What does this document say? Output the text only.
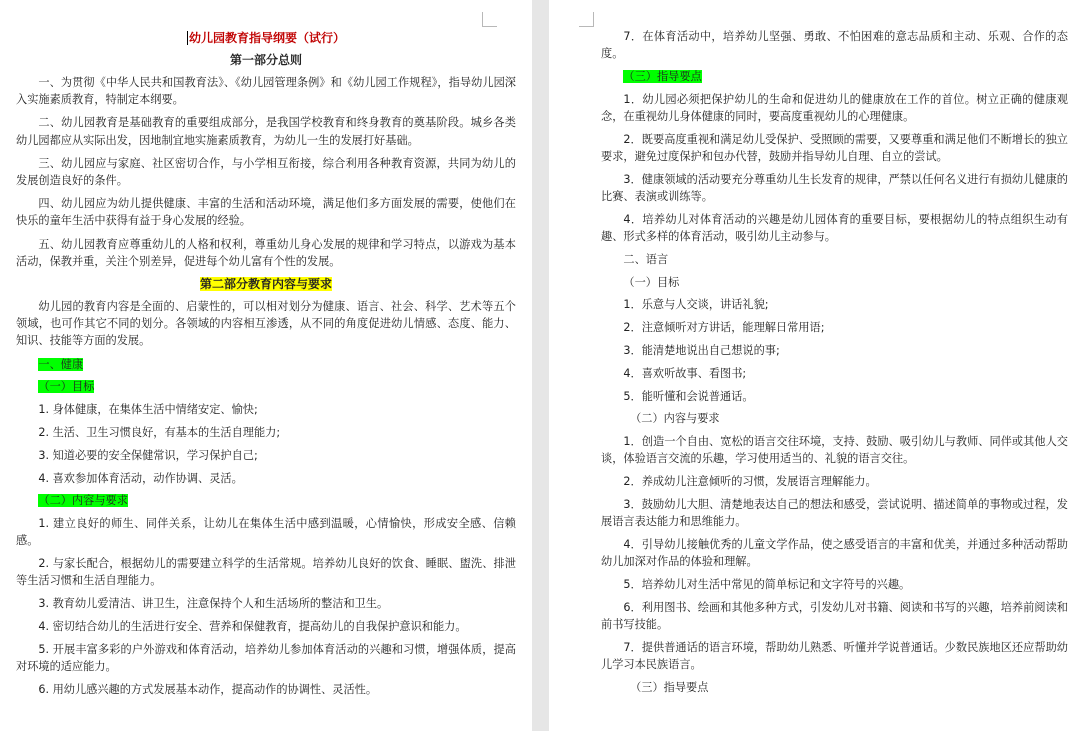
幼儿园教育指导纲要（试行）
第一部分总则

一、为贯彻《中华人民共和国教育法》、《幼儿园管理条例》和《幼儿园工作规程》，指导幼儿园深入实施素质教育，特制定本纲要。

二、幼儿园教育是基础教育的重要组成部分，是我国学校教育和终身教育的奠基阶段。城乡各类幼儿园都应从实际出发，因地制宜地实施素质教育，为幼儿一生的发展打好基础。

三、幼儿园应与家庭、社区密切合作，与小学相互衔接，综合利用各种教育资源，共同为幼儿的发展创造良好的条件。

四、幼儿园应为幼儿提供健康、丰富的生活和活动环境，满足他们多方面发展的需要，使他们在快乐的童年生活中获得有益于身心发展的经验。

五、幼儿园教育应尊重幼儿的人格和权利，尊重幼儿身心发展的规律和学习特点，以游戏为基本活动，保教并重，关注个别差异，促进每个幼儿富有个性的发展。

第二部分教育内容与要求

幼儿园的教育内容是全面的、启蒙性的，可以相对划分为健康、语言、社会、科学、艺术等五个领域，也可作其它不同的划分。各领域的内容相互渗透，从不同的角度促进幼儿情感、态度、能力、知识、技能等方面的发展。

一、健康

（一）目标

1. 身体健康，在集体生活中情绪安定、愉快;

2. 生活、卫生习惯良好，有基本的生活自理能力;

3. 知道必要的安全保健常识，学习保护自己;

4. 喜欢参加体育活动，动作协调、灵活。

（二）内容与要求

1. 建立良好的师生、同伴关系，让幼儿在集体生活中感到温暖，心情愉快，形成安全感、信赖感。

2. 与家长配合，根据幼儿的需要建立科学的生活常规。培养幼儿良好的饮食、睡眠、盥洗、排泄等生活习惯和生活自理能力。

3. 教育幼儿爱清洁、讲卫生，注意保持个人和生活场所的整洁和卫生。

4. 密切结合幼儿的生活进行安全、营养和保健教育，提高幼儿的自我保护意识和能力。

5. 开展丰富多彩的户外游戏和体育活动，培养幼儿参加体育活动的兴趣和习惯，增强体质，提高对环境的适应能力。

6. 用幼儿感兴趣的方式发展基本动作，提高动作的协调性、灵活性。

7．在体育活动中，培养幼儿坚强、勇敢、不怕困难的意志品质和主动、乐观、合作的态度。

（三）指导要点

1．幼儿园必须把保护幼儿的生命和促进幼儿的健康放在工作的首位。树立正确的健康观念，在重视幼儿身体健康的同时，要高度重视幼儿的心理健康。

2．既要高度重视和满足幼儿受保护、受照顾的需要，又要尊重和满足他们不断增长的独立要求，避免过度保护和包办代替，鼓励并指导幼儿自理、自立的尝试。

3．健康领域的活动要充分尊重幼儿生长发育的规律，严禁以任何名义进行有损幼儿健康的比赛、表演或训练等。

4．培养幼儿对体育活动的兴趣是幼儿园体育的重要目标，要根据幼儿的特点组织生动有趣、形式多样的体育活动，吸引幼儿主动参与。

二、语言

（一）目标

1．乐意与人交谈，讲话礼貌;

2．注意倾听对方讲话，能理解日常用语;

3．能清楚地说出自己想说的事;

4．喜欢听故事、看图书;

5．能听懂和会说普通话。

（二）内容与要求

1．创造一个自由、宽松的语言交往环境，支持、鼓励、吸引幼儿与教师、同伴或其他人交谈，体验语言交流的乐趣，学习使用适当的、礼貌的语言交往。

2．养成幼儿注意倾听的习惯，发展语言理解能力。

3．鼓励幼儿大胆、清楚地表达自己的想法和感受，尝试说明、描述简单的事物或过程，发展语言表达能力和思维能力。

4．引导幼儿接触优秀的儿童文学作品，使之感受语言的丰富和优美，并通过多种活动帮助幼儿加深对作品的体验和理解。

5．培养幼儿对生活中常见的简单标记和文字符号的兴趣。

6．利用图书、绘画和其他多种方式，引发幼儿对书籍、阅读和书写的兴趣，培养前阅读和前书写技能。

7．提供普通话的语言环境，帮助幼儿熟悉、听懂并学说普通话。少数民族地区还应帮助幼儿学习本民族语言。

（三）指导要点
